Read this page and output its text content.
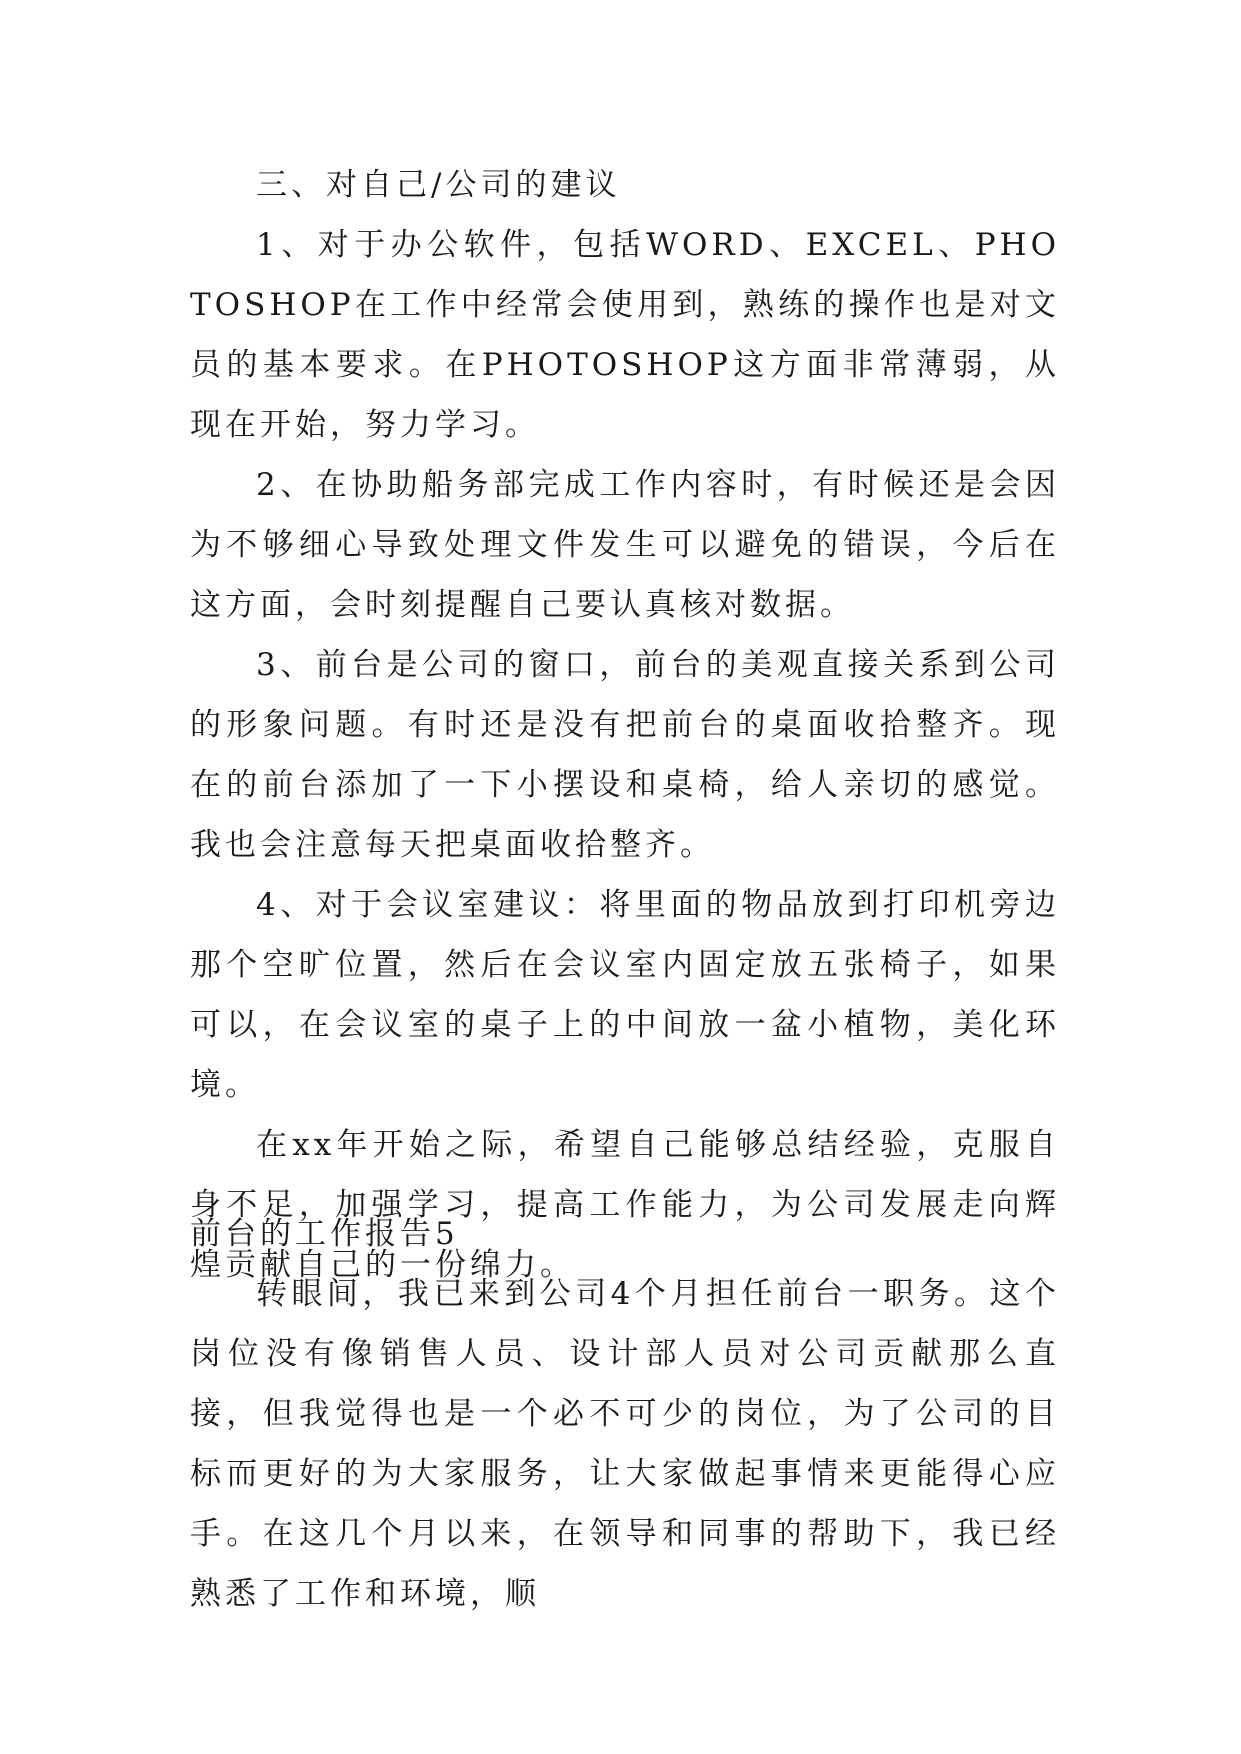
三、对自己/公司的建议

1、对于办公软件，包括WORD、EXCEL、PHOTOSHOP在工作中经常会使用到，熟练的操作也是对文员的基本要求。在PHOTOSHOP这方面非常薄弱，从现在开始，努力学习。

2、在协助船务部完成工作内容时，有时候还是会因为不够细心导致处理文件发生可以避免的错误，今后在这方面，会时刻提醒自己要认真核对数据。

3、前台是公司的窗口，前台的美观直接关系到公司的形象问题。有时还是没有把前台的桌面收拾整齐。现在的前台添加了一下小摆设和桌椅，给人亲切的感觉。我也会注意每天把桌面收拾整齐。

4、对于会议室建议：将里面的物品放到打印机旁边那个空旷位置，然后在会议室内固定放五张椅子，如果可以，在会议室的桌子上的中间放一盆小植物，美化环境。

在xx年开始之际，希望自己能够总结经验，克服自身不足，加强学习，提高工作能力，为公司发展走向辉煌贡献自己的一份绵力。

前台的工作报告5

转眼间，我已来到公司4个月担任前台一职务。这个岗位没有像销售人员、设计部人员对公司贡献那么直接，但我觉得也是一个必不可少的岗位，为了公司的目标而更好的为大家服务，让大家做起事情来更能得心应手。在这几个月以来，在领导和同事的帮助下，我已经熟悉了工作和环境，顺
